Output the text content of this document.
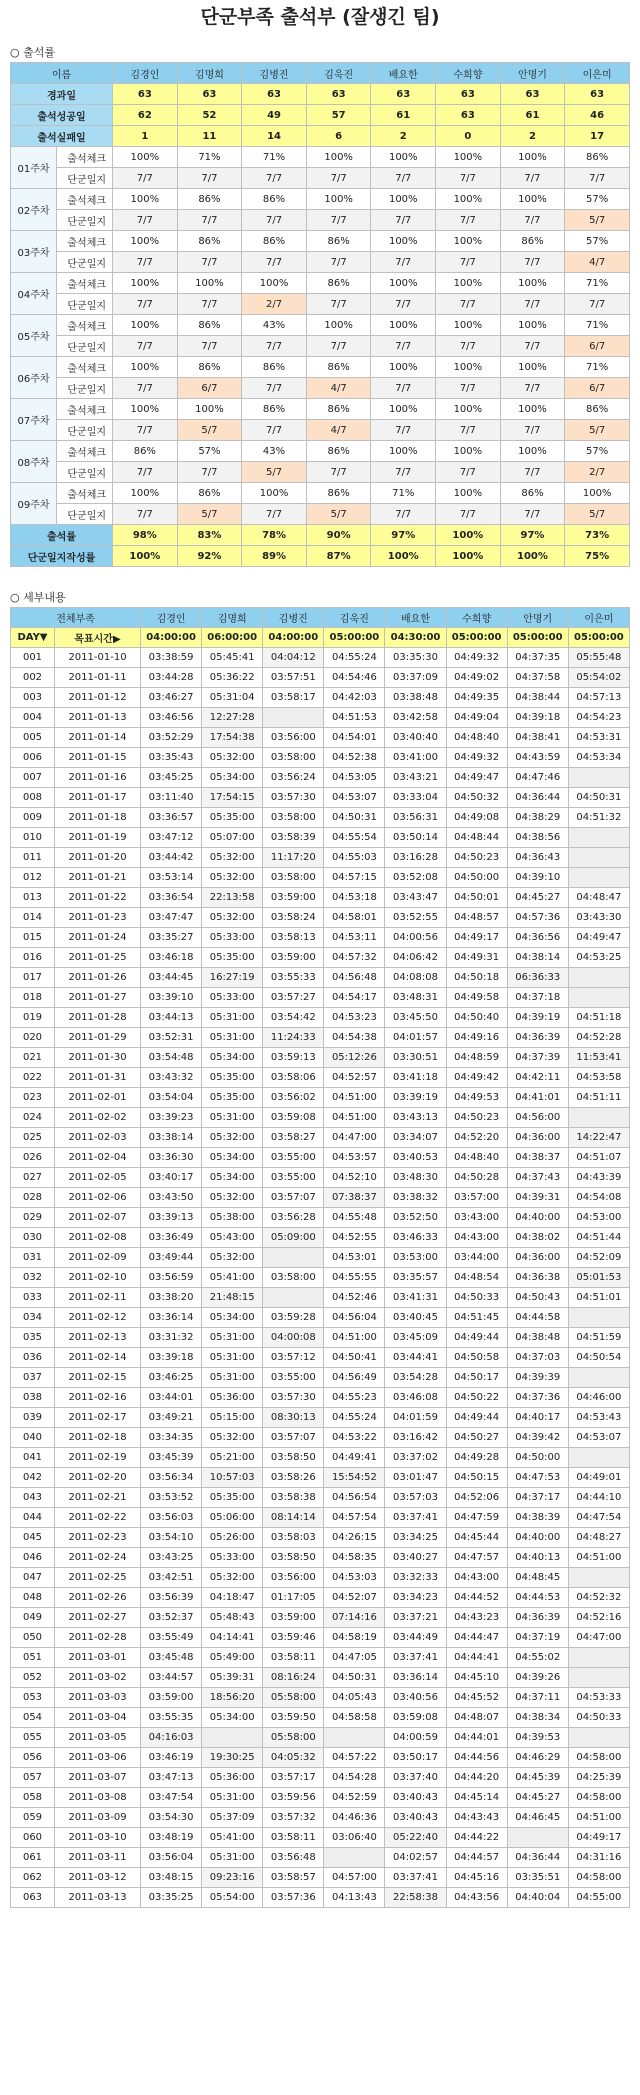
단군부족 출석부 (잘생긴 팀)
○ 출석률
이름		김경인	김명희	김병진	김욱진	배요한	수희향	안명기	이은미
경과일		63	63	63	63	63	63	63	63
출석성공일		62	52	49	57	61	63	61	46
출석실패일		1	11	14	6	2	0	2	17
01주차	출석체크	100%	71%	71%	100%	100%	100%	100%	86%
	단군일지	7/7	7/7	7/7	7/7	7/7	7/7	7/7	7/7
02주차	출석체크	100%	86%	86%	100%	100%	100%	100%	57%
	단군일지	7/7	7/7	7/7	7/7	7/7	7/7	7/7	5/7
03주차	출석체크	100%	86%	86%	86%	100%	100%	86%	57%
	단군일지	7/7	7/7	7/7	7/7	7/7	7/7	7/7	4/7
04주차	출석체크	100%	100%	100%	86%	100%	100%	100%	71%
	단군일지	7/7	7/7	2/7	7/7	7/7	7/7	7/7	7/7
05주차	출석체크	100%	86%	43%	100%	100%	100%	100%	71%
	단군일지	7/7	7/7	7/7	7/7	7/7	7/7	7/7	6/7
06주차	출석체크	100%	86%	86%	86%	100%	100%	100%	71%
	단군일지	7/7	6/7	7/7	4/7	7/7	7/7	7/7	6/7
07주차	출석체크	100%	100%	86%	86%	100%	100%	100%	86%
	단군일지	7/7	5/7	7/7	4/7	7/7	7/7	7/7	5/7
08주차	출석체크	86%	57%	43%	86%	100%	100%	100%	57%
	단군일지	7/7	7/7	5/7	7/7	7/7	7/7	7/7	2/7
09주차	출석체크	100%	86%	100%	86%	71%	100%	86%	100%
	단군일지	7/7	5/7	7/7	5/7	7/7	7/7	7/7	5/7
출석률		98%	83%	78%	90%	97%	100%	97%	73%
단군일지작성률		100%	92%	89%	87%	100%	100%	100%	75%
○ 세부내용
전체부족		김경인	김명희	김병진	김욱진	배요한	수희향	안명기	이은미
DAY▼	목표시간▶	04:00:00	06:00:00	04:00:00	05:00:00	04:30:00	05:00:00	05:00:00	05:00:00
001	2011-01-10	03:38:59	05:45:41	04:04:12	04:55:24	03:35:30	04:49:32	04:37:35	05:55:48
002	2011-01-11	03:44:28	05:36:22	03:57:51	04:54:46	03:37:09	04:49:02	04:37:58	05:54:02
003	2011-01-12	03:46:27	05:31:04	03:58:17	04:42:03	03:38:48	04:49:35	04:38:44	04:57:13
004	2011-01-13	03:46:56	12:27:28		04:51:53	03:42:58	04:49:04	04:39:18	04:54:23
005	2011-01-14	03:52:29	17:54:38	03:56:00	04:54:01	03:40:40	04:48:40	04:38:41	04:53:31
006	2011-01-15	03:35:43	05:32:00	03:58:00	04:52:38	03:41:00	04:49:32	04:43:59	04:53:34
007	2011-01-16	03:45:25	05:34:00	03:56:24	04:53:05	03:43:21	04:49:47	04:47:46	
008	2011-01-17	03:11:40	17:54:15	03:57:30	04:53:07	03:33:04	04:50:32	04:36:44	04:50:31
009	2011-01-18	03:36:57	05:35:00	03:58:00	04:50:31	03:56:31	04:49:08	04:38:29	04:51:32
010	2011-01-19	03:47:12	05:07:00	03:58:39	04:55:54	03:50:14	04:48:44	04:38:56	
011	2011-01-20	03:44:42	05:32:00	11:17:20	04:55:03	03:16:28	04:50:23	04:36:43	
012	2011-01-21	03:53:14	05:32:00	03:58:00	04:57:15	03:52:08	04:50:00	04:39:10	
013	2011-01-22	03:36:54	22:13:58	03:59:00	04:53:18	03:43:47	04:50:01	04:45:27	04:48:47
014	2011-01-23	03:47:47	05:32:00	03:58:24	04:58:01	03:52:55	04:48:57	04:57:36	03:43:30
015	2011-01-24	03:35:27	05:33:00	03:58:13	04:53:11	04:00:56	04:49:17	04:36:56	04:49:47
016	2011-01-25	03:46:18	05:35:00	03:59:00	04:57:32	04:06:42	04:49:31	04:38:14	04:53:25
017	2011-01-26	03:44:45	16:27:19	03:55:33	04:56:48	04:08:08	04:50:18	06:36:33	
018	2011-01-27	03:39:10	05:33:00	03:57:27	04:54:17	03:48:31	04:49:58	04:37:18	
019	2011-01-28	03:44:13	05:31:00	03:54:42	04:53:23	03:45:50	04:50:40	04:39:19	04:51:18
020	2011-01-29	03:52:31	05:31:00	11:24:33	04:54:38	04:01:57	04:49:16	04:36:39	04:52:28
021	2011-01-30	03:54:48	05:34:00	03:59:13	05:12:26	03:30:51	04:48:59	04:37:39	11:53:41
022	2011-01-31	03:43:32	05:35:00	03:58:06	04:52:57	03:41:18	04:49:42	04:42:11	04:53:58
023	2011-02-01	03:54:04	05:35:00	03:56:02	04:51:00	03:39:19	04:49:53	04:41:01	04:51:11
024	2011-02-02	03:39:23	05:31:00	03:59:08	04:51:00	03:43:13	04:50:23	04:56:00	
025	2011-02-03	03:38:14	05:32:00	03:58:27	04:47:00	03:34:07	04:52:20	04:36:00	14:22:47
026	2011-02-04	03:36:30	05:34:00	03:55:00	04:53:57	03:40:53	04:48:40	04:38:37	04:51:07
027	2011-02-05	03:40:17	05:34:00	03:55:00	04:52:10	03:48:30	04:50:28	04:37:43	04:43:39
028	2011-02-06	03:43:50	05:32:00	03:57:07	07:38:37	03:38:32	03:57:00	04:39:31	04:54:08
029	2011-02-07	03:39:13	05:38:00	03:56:28	04:55:48	03:52:50	03:43:00	04:40:00	04:53:00
030	2011-02-08	03:36:49	05:43:00	05:09:00	04:52:55	03:46:33	04:43:00	04:38:02	04:51:44
031	2011-02-09	03:49:44	05:32:00		04:53:01	03:53:00	03:44:00	04:36:00	04:52:09
032	2011-02-10	03:56:59	05:41:00	03:58:00	04:55:55	03:35:57	04:48:54	04:36:38	05:01:53
033	2011-02-11	03:38:20	21:48:15		04:52:46	03:41:31	04:50:33	04:50:43	04:51:01
034	2011-02-12	03:36:14	05:34:00	03:59:28	04:56:04	03:40:45	04:51:45	04:44:58	
035	2011-02-13	03:31:32	05:31:00	04:00:08	04:51:00	03:45:09	04:49:44	04:38:48	04:51:59
036	2011-02-14	03:39:18	05:31:00	03:57:12	04:50:41	03:44:41	04:50:58	04:37:03	04:50:54
037	2011-02-15	03:46:25	05:31:00	03:55:00	04:56:49	03:54:28	04:50:17	04:39:39	
038	2011-02-16	03:44:01	05:36:00	03:57:30	04:55:23	03:46:08	04:50:22	04:37:36	04:46:00
039	2011-02-17	03:49:21	05:15:00	08:30:13	04:55:24	04:01:59	04:49:44	04:40:17	04:53:43
040	2011-02-18	03:34:35	05:32:00	03:57:07	04:53:22	03:16:42	04:50:27	04:39:42	04:53:07
041	2011-02-19	03:45:39	05:21:00	03:58:50	04:49:41	03:37:02	04:49:28	04:50:00	
042	2011-02-20	03:56:34	10:57:03	03:58:26	15:54:52	03:01:47	04:50:15	04:47:53	04:49:01
043	2011-02-21	03:53:52	05:35:00	03:58:38	04:56:54	03:57:03	04:52:06	04:37:17	04:44:10
044	2011-02-22	03:56:03	05:06:00	08:14:14	04:57:54	03:37:41	04:47:59	04:38:39	04:47:54
045	2011-02-23	03:54:10	05:26:00	03:58:03	04:26:15	03:34:25	04:45:44	04:40:00	04:48:27
046	2011-02-24	03:43:25	05:33:00	03:58:50	04:58:35	03:40:27	04:47:57	04:40:13	04:51:00
047	2011-02-25	03:42:51	05:32:00	03:56:00	04:53:03	03:32:33	04:43:00	04:48:45	
048	2011-02-26	03:56:39	04:18:47	01:17:05	04:52:07	03:34:23	04:44:52	04:44:53	04:52:32
049	2011-02-27	03:52:37	05:48:43	03:59:00	07:14:16	03:37:21	04:43:23	04:36:39	04:52:16
050	2011-02-28	03:55:49	04:14:41	03:59:46	04:58:19	03:44:49	04:44:47	04:37:19	04:47:00
051	2011-03-01	03:45:48	05:49:00	03:58:11	04:47:05	03:37:41	04:44:41	04:55:02	
052	2011-03-02	03:44:57	05:39:31	08:16:24	04:50:31	03:36:14	04:45:10	04:39:26	
053	2011-03-03	03:59:00	18:56:20	05:58:00	04:05:43	03:40:56	04:45:52	04:37:11	04:53:33
054	2011-03-04	03:55:35	05:34:00	03:59:50	04:58:58	03:59:08	04:48:07	04:38:34	04:50:33
055	2011-03-05	04:16:03		05:58:00		04:00:59	04:44:01	04:39:53	
056	2011-03-06	03:46:19	19:30:25	04:05:32	04:57:22	03:50:17	04:44:56	04:46:29	04:58:00
057	2011-03-07	03:47:13	05:36:00	03:57:17	04:54:28	03:37:40	04:44:20	04:45:39	04:25:39
058	2011-03-08	03:47:54	05:31:00	03:59:56	04:52:59	03:40:43	04:45:14	04:45:27	04:58:00
059	2011-03-09	03:54:30	05:37:09	03:57:32	04:46:36	03:40:43	04:43:43	04:46:45	04:51:00
060	2011-03-10	03:48:19	05:41:00	03:58:11	03:06:40	05:22:40	04:44:22		04:49:17
061	2011-03-11	03:56:04	05:31:00	03:56:48		04:02:57	04:44:57	04:36:44	04:31:16
062	2011-03-12	03:48:15	09:23:16	03:58:57	04:57:00	03:37:41	04:45:16	03:35:51	04:58:00
063	2011-03-13	03:35:25	05:54:00	03:57:36	04:13:43	22:58:38	04:43:56	04:40:04	04:55:00
